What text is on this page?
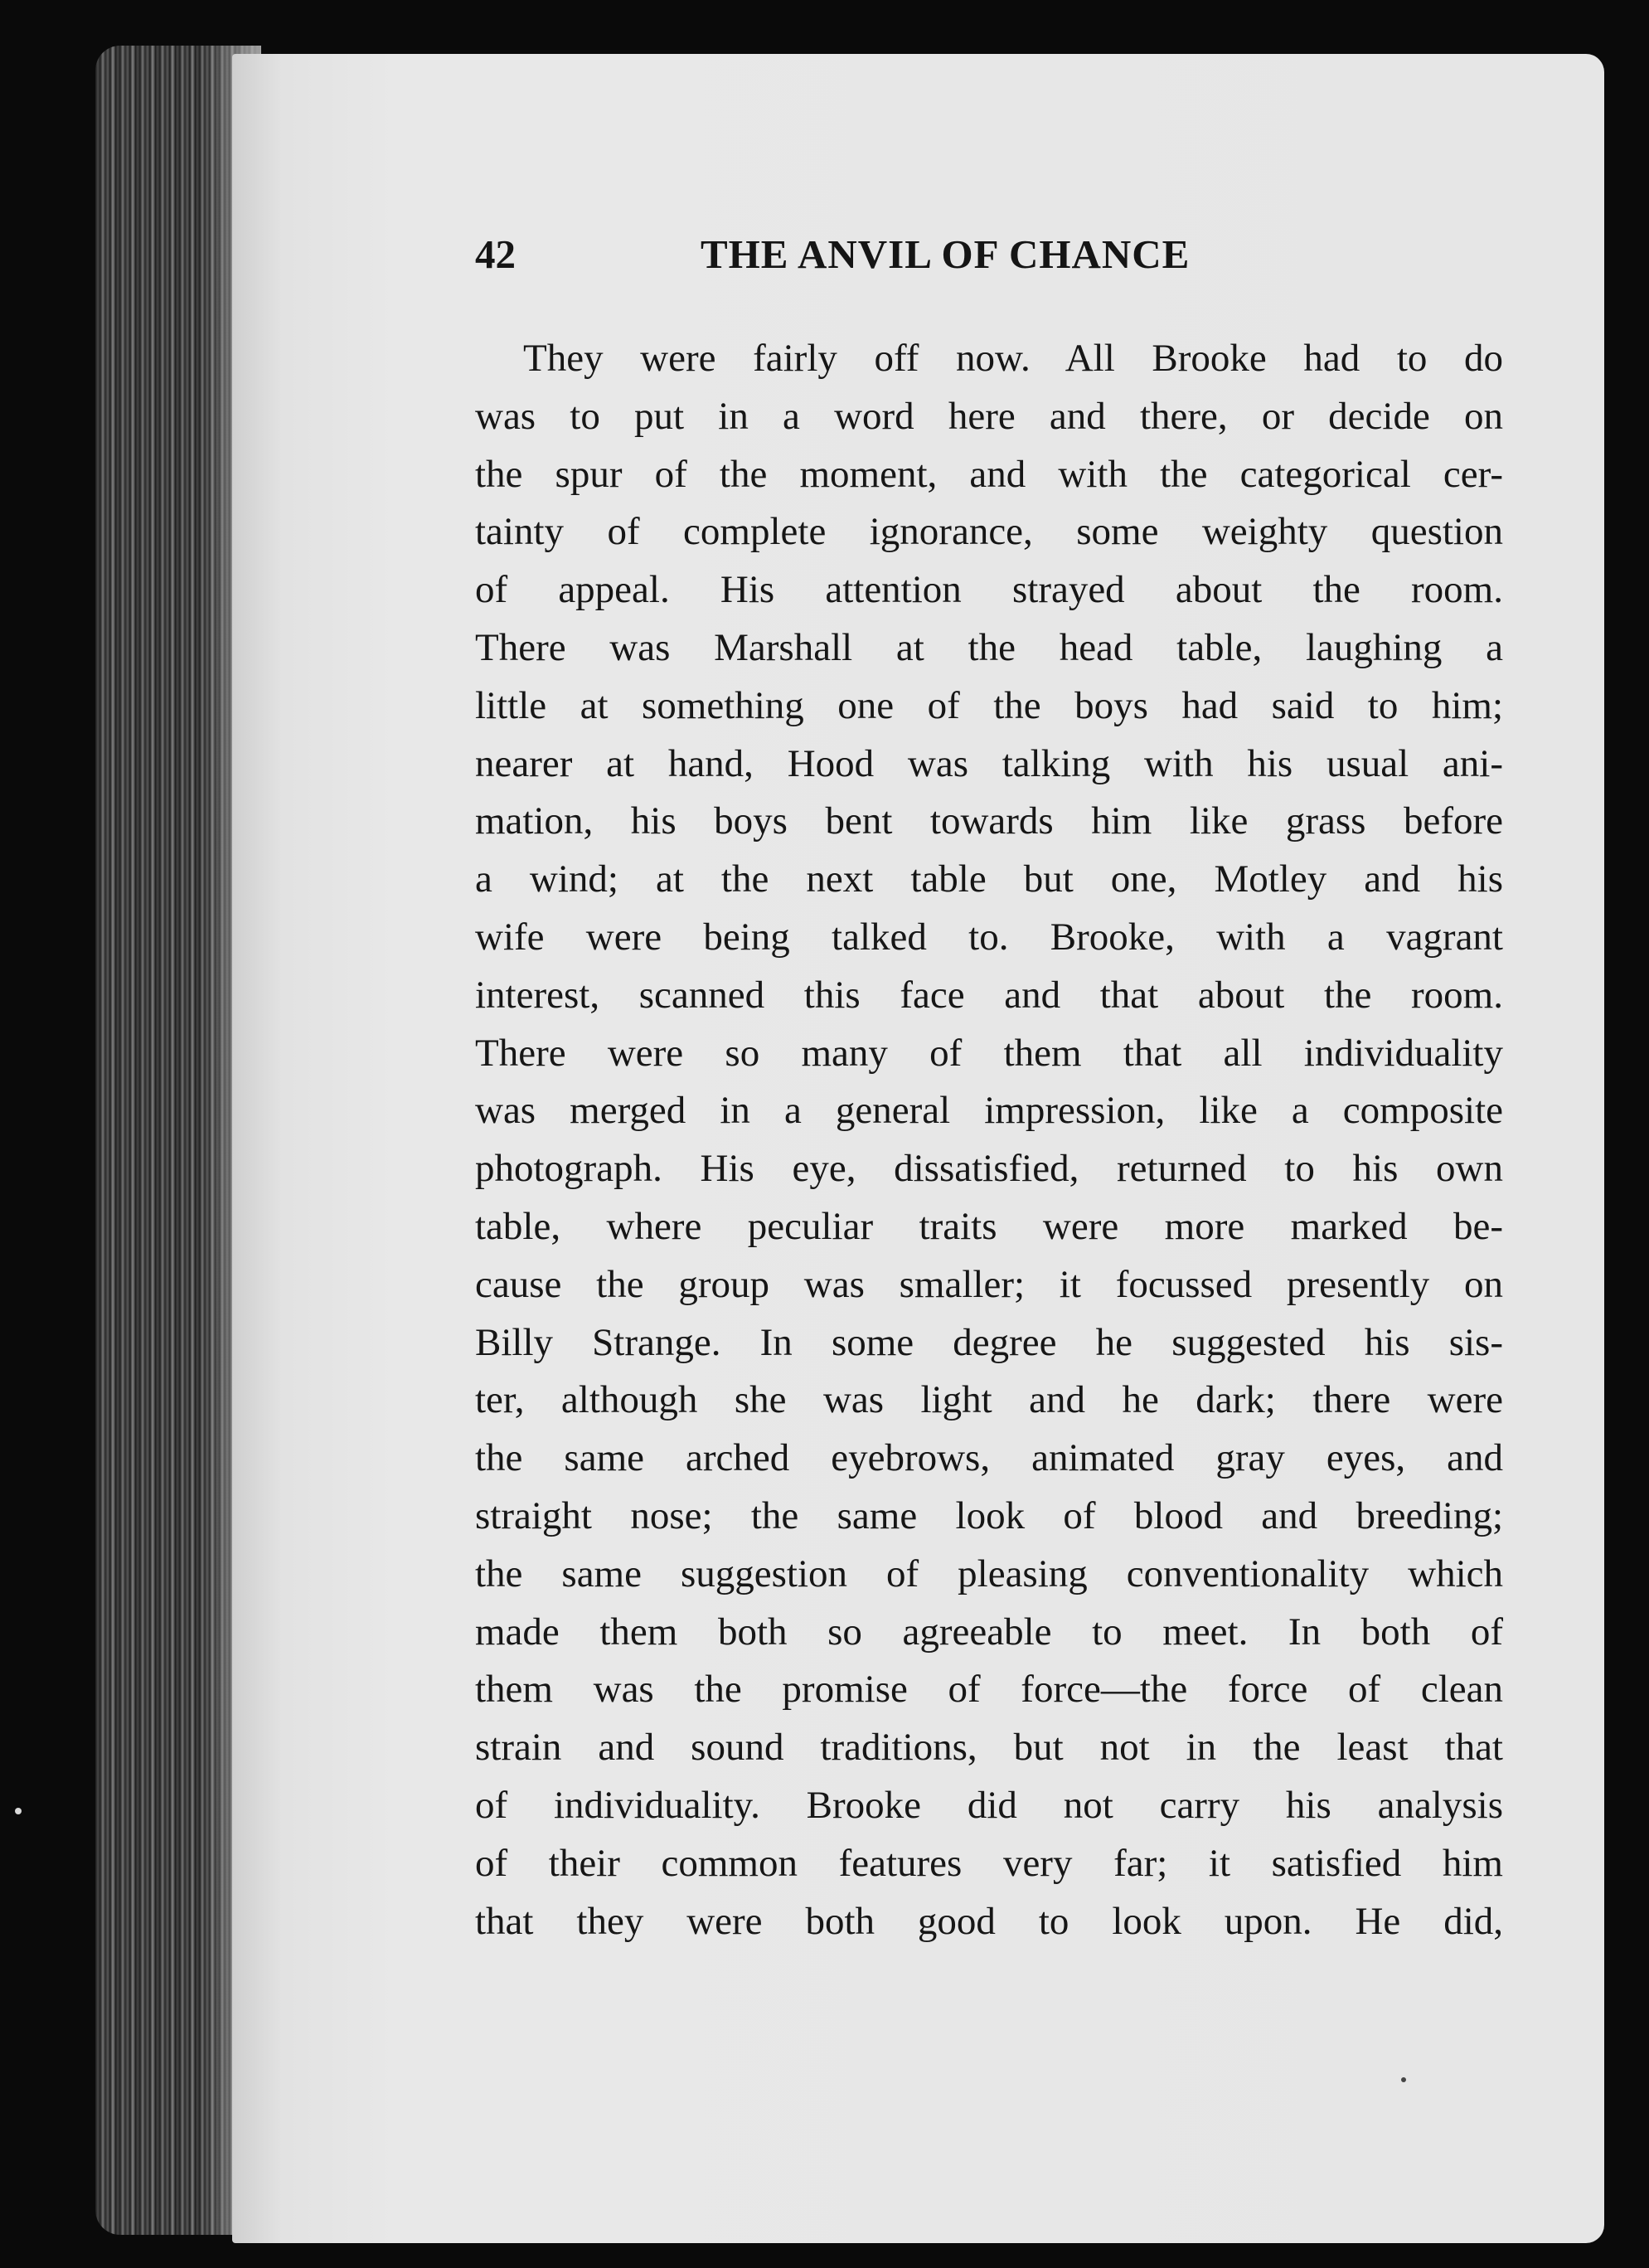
42	THE ANVIL OF CHANCE
They were fairly off now. All Brooke had to do
was to put in a word here and there, or decide on
the spur of the moment, and with the categorical cer-
tainty of complete ignorance, some weighty question
of appeal. His attention strayed about the room.
There was Marshall at the head table, laughing a
little at something one of the boys had said to him;
nearer at hand, Hood was talking with his usual ani-
mation, his boys bent towards him like grass before
a wind; at the next table but one, Motley and his
wife were being talked to. Brooke, with a vagrant
interest, scanned this face and that about the room.
There were so many of them that all individuality
was merged in a general impression, like a composite
photograph. His eye, dissatisfied, returned to his own
table, where peculiar traits were more marked be-
cause the group was smaller; it focussed presently on
Billy Strange. In some degree he suggested his sis-
ter, although she was light and he dark; there were
the same arched eyebrows, animated gray eyes, and
straight nose; the same look of blood and breeding;
the same suggestion of pleasing conventionality which
made them both so agreeable to meet. In both of
them was the promise of force—the force of clean
strain and sound traditions, but not in the least that
of individuality. Brooke did not carry his analysis
of their common features very far; it satisfied him
that they were both good to look upon. He did,
